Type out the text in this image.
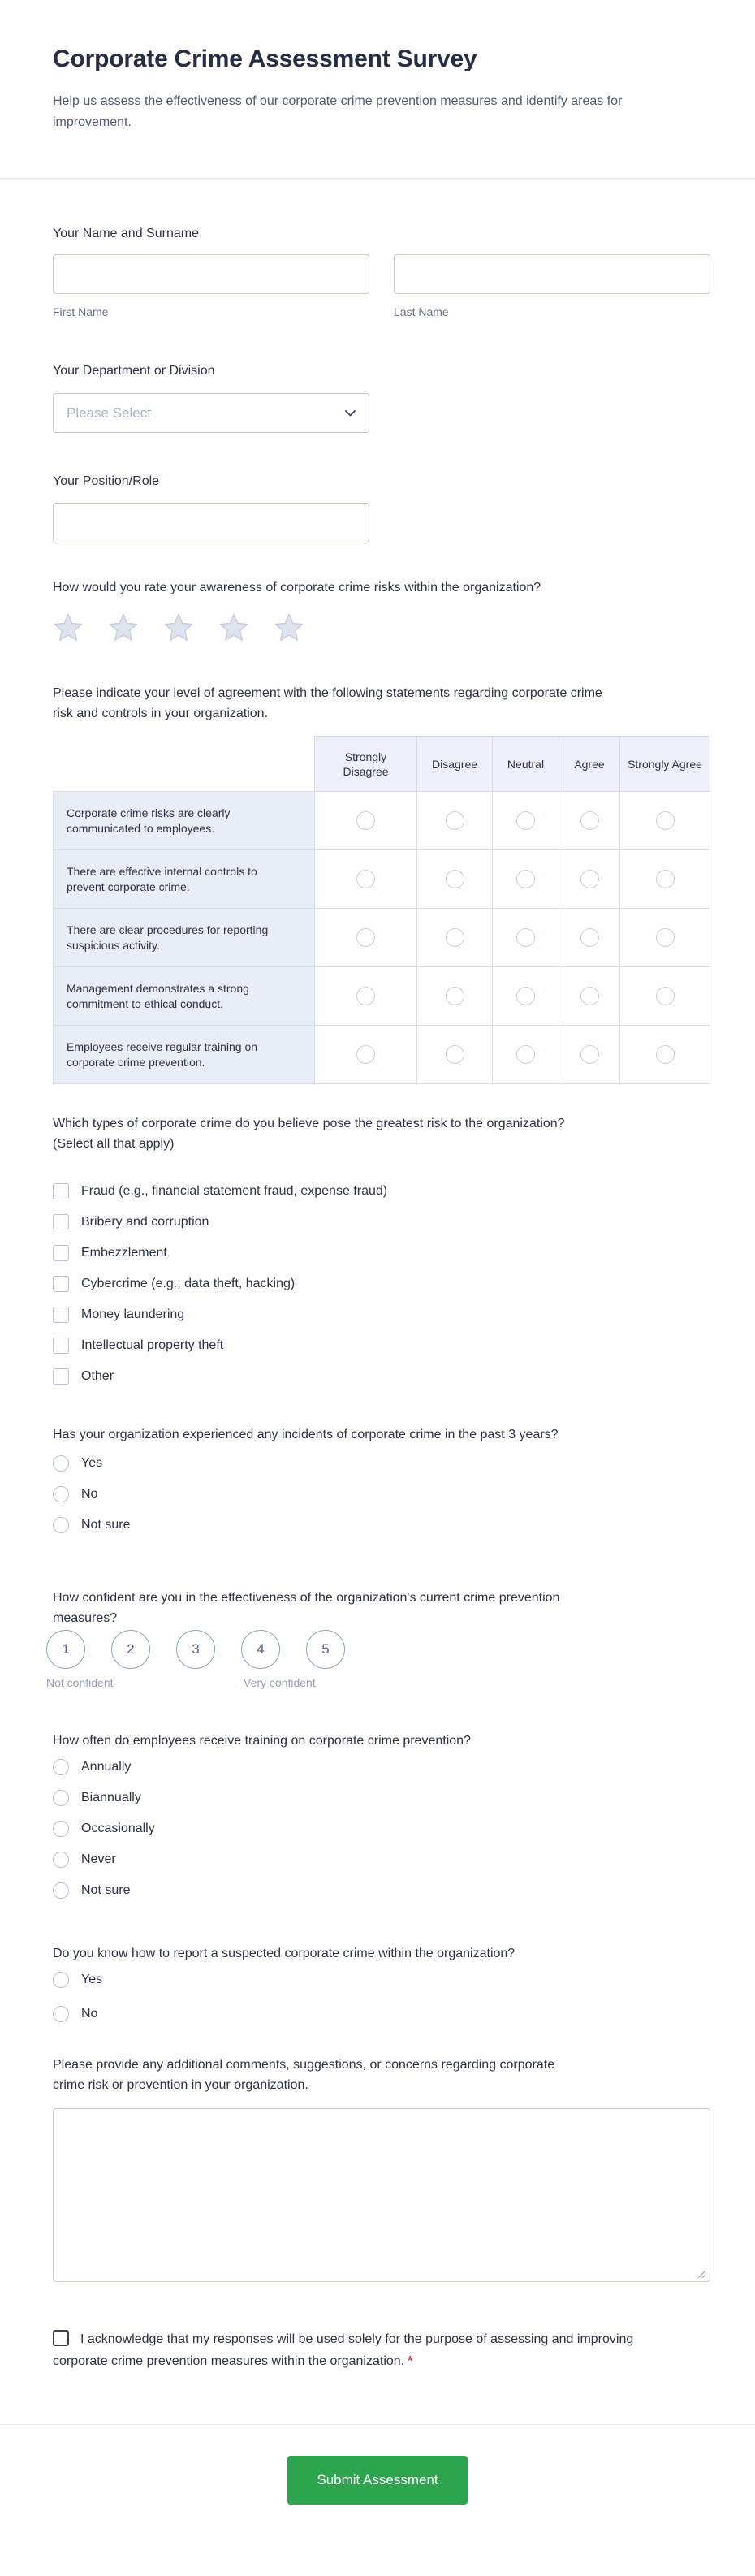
Corporate Crime Assessment Survey
Help us assess the effectiveness of our corporate crime prevention measures and identify areas for improvement.
Your Name and Surname
First Name	Last Name
Your Department or Division
Please Select
Your Position/Role
How would you rate your awareness of corporate crime risks within the organization?
Please indicate your level of agreement with the following statements regarding corporate crime risk and controls in your organization.
	Strongly Disagree	Disagree	Neutral	Agree	Strongly Agree
Corporate crime risks are clearly communicated to employees.					
There are effective internal controls to prevent corporate crime.					
There are clear procedures for reporting suspicious activity.					
Management demonstrates a strong commitment to ethical conduct.					
Employees receive regular training on corporate crime prevention.					
Which types of corporate crime do you believe pose the greatest risk to the organization? (Select all that apply)
Fraud (e.g., financial statement fraud, expense fraud)
Bribery and corruption
Embezzlement
Cybercrime (e.g., data theft, hacking)
Money laundering
Intellectual property theft
Other
Has your organization experienced any incidents of corporate crime in the past 3 years?
Yes
No
Not sure
How confident are you in the effectiveness of the organization's current crime prevention measures?
1	2	3	4	5
Not confident	Very confident
How often do employees receive training on corporate crime prevention?
Annually
Biannually
Occasionally
Never
Not sure
Do you know how to report a suspected corporate crime within the organization?
Yes
No
Please provide any additional comments, suggestions, or concerns regarding corporate crime risk or prevention in your organization.
I acknowledge that my responses will be used solely for the purpose of assessing and improving corporate crime prevention measures within the organization. *
Submit Assessment
